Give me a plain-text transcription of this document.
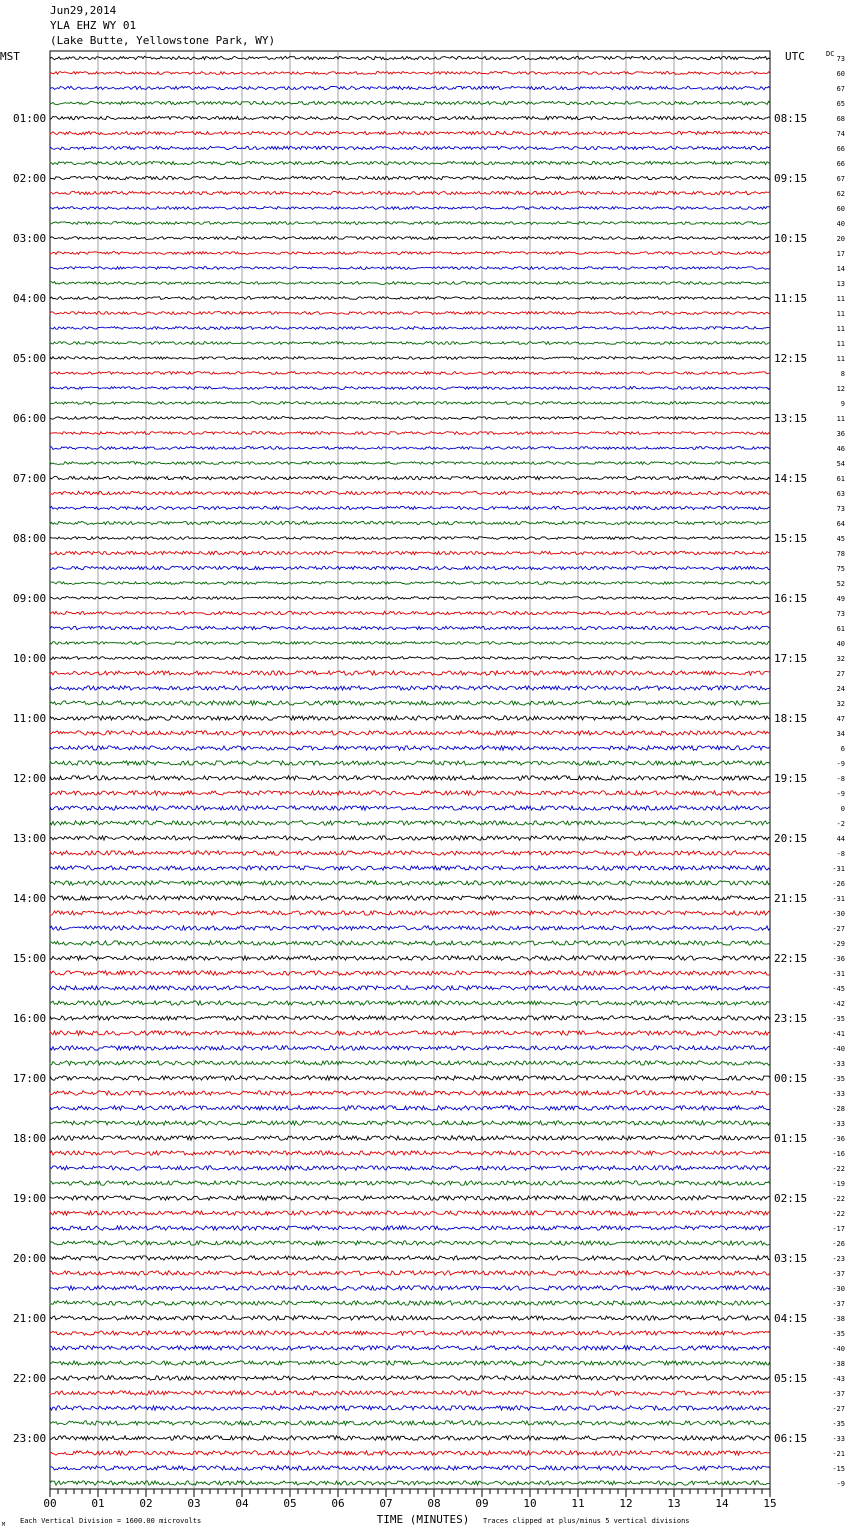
Jun29,2014
YLA EHZ WY 01
(Lake Butte, Yellowstone Park, WY)
73
60
67
65
68
74
66
66
67
62
60
40
20
17
14
13
11
11
11
11
11
8
12
9
11
36
46
54
61
63
73
64
45
78
75
52
49
73
61
40
32
27
24
32
47
34
6
-9
-8
-9
0
-2
44
-8
-31
-26
-31
-30
-27
-29
-36
-31
-45
-42
-35
-41
-40
-33
-35
-33
-28
-33
-36
-16
-22
-19
-22
-22
-17
-26
-23
-37
-30
-37
-38
-35
-40
-38
-43
-37
-27
-35
-33
-21
-15
-9
MST	UTC	DC
01:00
02:00
03:00
04:00
05:00
06:00
07:00
08:00
09:00
10:00
11:00
12:00
13:00
14:00
15:00
16:00
17:00
18:00
19:00
20:00
21:00
22:00
23:00
08:15
09:15
10:15
11:15
12:15
13:15
14:15
15:15
16:15
17:15
18:15
19:15
20:15
21:15
22:15
23:15
00:15
01:15
02:15
03:15
04:15
05:15
06:15
00	01	02	03	04	05	06	07	08	09	10	11	12	13	14	15
Each Vertical Division = 1600.00 microvolts	TIME (MINUTES) Traces clipped at plus/minus 5 vertical divisions
M
